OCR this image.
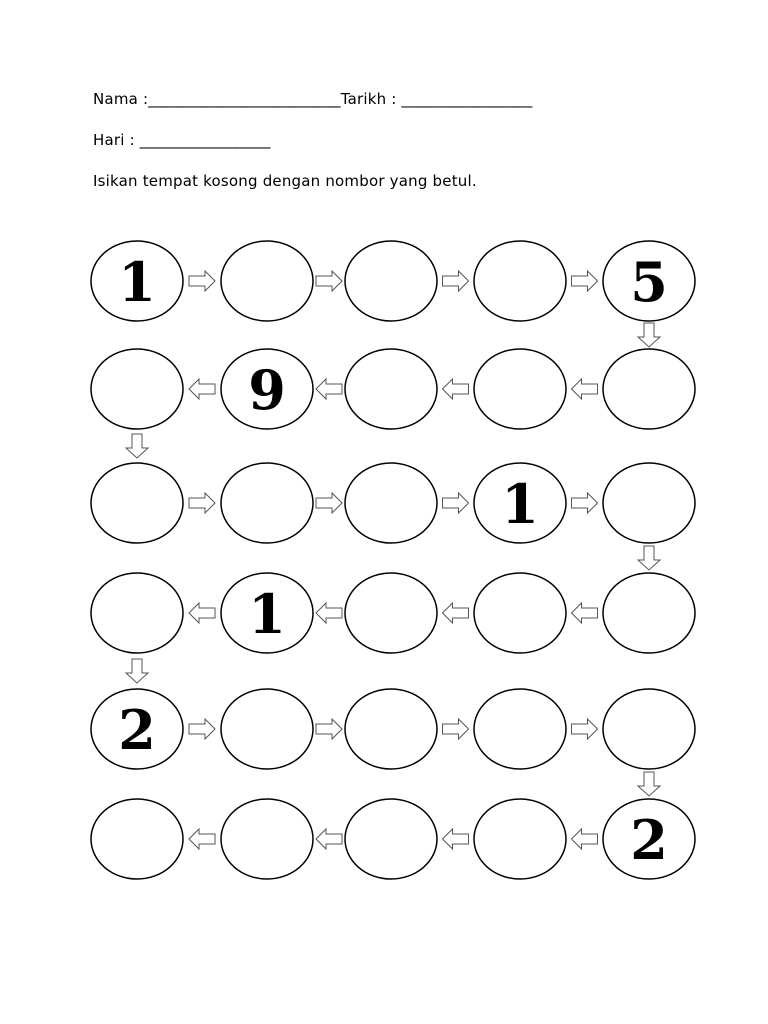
Nama :_________________________Tarikh : _________________
Hari : _________________
Isikan tempat kosong dengan nombor yang betul.
1	5
9
1
1
2
2
